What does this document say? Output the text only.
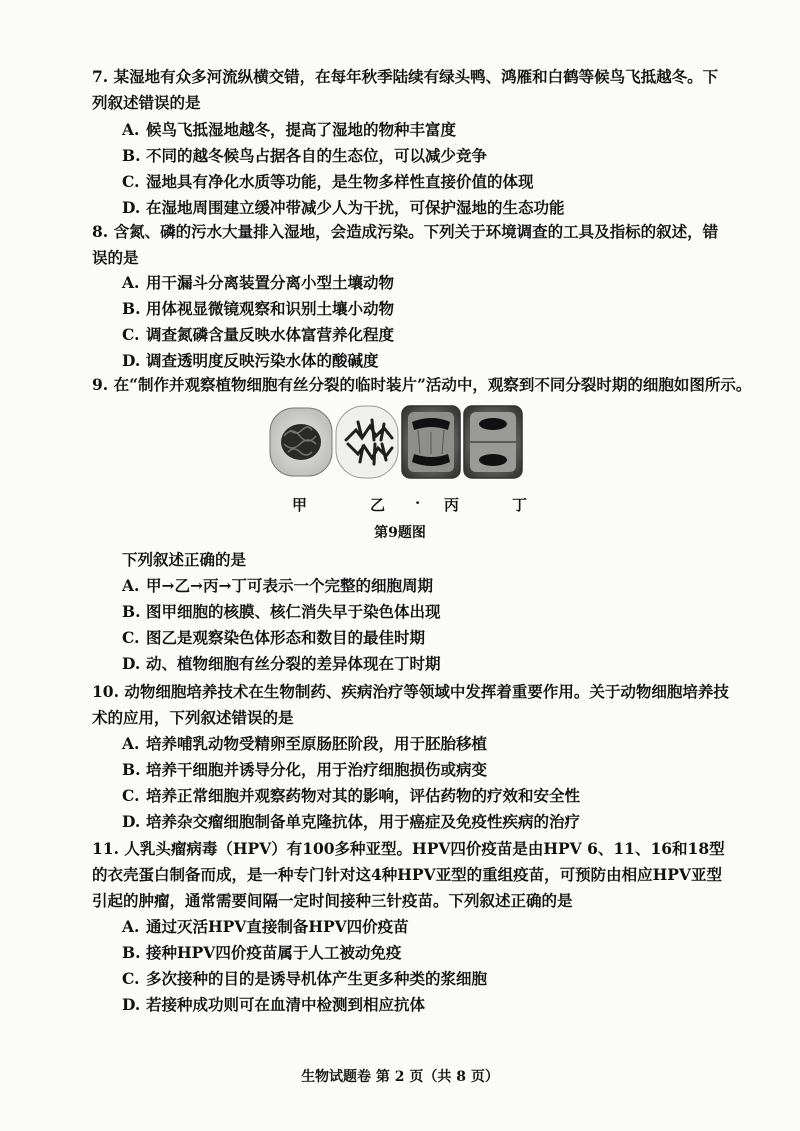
7. 某湿地有众多河流纵横交错，在每年秋季陆续有绿头鸭、鸿雁和白鹤等候鸟飞抵越冬。下列叙述错误的是
A. 候鸟飞抵湿地越冬，提高了湿地的物种丰富度
B. 不同的越冬候鸟占据各自的生态位，可以减少竞争
C. 湿地具有净化水质等功能，是生物多样性直接价值的体现
D. 在湿地周围建立缓冲带减少人为干扰，可保护湿地的生态功能
8. 含氮、磷的污水大量排入湿地，会造成污染。下列关于环境调查的工具及指标的叙述，错误的是
A. 用干漏斗分离装置分离小型土壤动物
B. 用体视显微镜观察和识别土壤小动物
C. 调查氮磷含量反映水体富营养化程度
D. 调查透明度反映污染水体的酸碱度
9. 在“制作并观察植物细胞有丝分裂的临时装片”活动中，观察到不同分裂时期的细胞如图所示。
甲	乙 · 丙	丁
第9题图
下列叙述正确的是
A. 甲→乙→丙→丁可表示一个完整的细胞周期
B. 图甲细胞的核膜、核仁消失早于染色体出现
C. 图乙是观察染色体形态和数目的最佳时期
D. 动、植物细胞有丝分裂的差异体现在丁时期
10. 动物细胞培养技术在生物制药、疾病治疗等领域中发挥着重要作用。关于动物细胞培养技术的应用，下列叙述错误的是
A. 培养哺乳动物受精卵至原肠胚阶段，用于胚胎移植
B. 培养干细胞并诱导分化，用于治疗细胞损伤或病变
C. 培养正常细胞并观察药物对其的影响，评估药物的疗效和安全性
D. 培养杂交瘤细胞制备单克隆抗体，用于癌症及免疫性疾病的治疗
11. 人乳头瘤病毒（HPV）有100多种亚型。HPV四价疫苗是由HPV 6、11、16和18型的衣壳蛋白制备而成，是一种专门针对这4种HPV亚型的重组疫苗，可预防由相应HPV亚型引起的肿瘤，通常需要间隔一定时间接种三针疫苗。下列叙述正确的是
A. 通过灭活HPV直接制备HPV四价疫苗
B. 接种HPV四价疫苗属于人工被动免疫
C. 多次接种的目的是诱导机体产生更多种类的浆细胞
D. 若接种成功则可在血清中检测到相应抗体
生物试题卷 第 2 页（共 8 页）
